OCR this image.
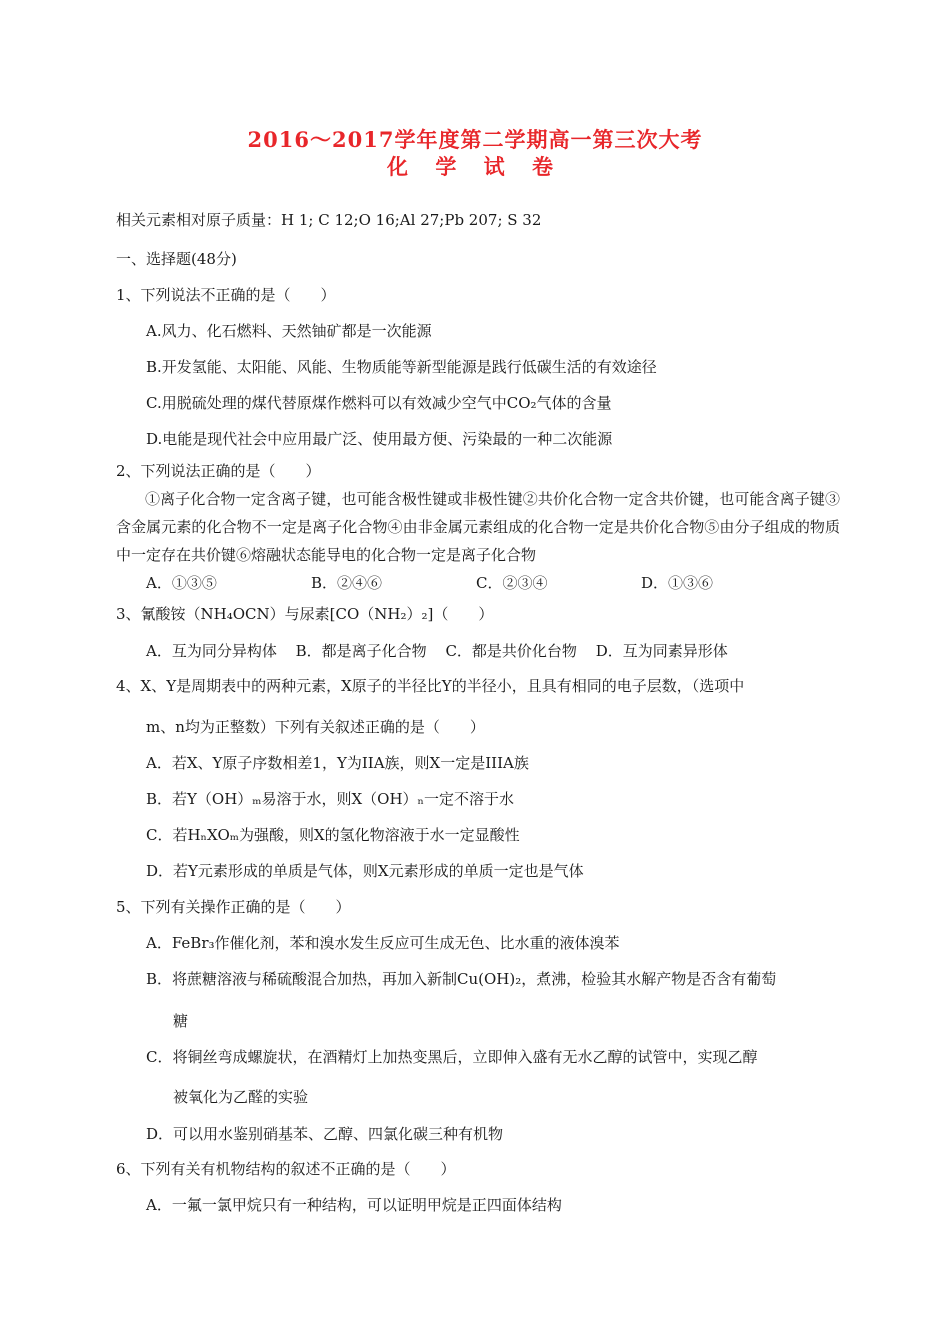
2016～2017学年度第二学期高一第三次大考
化 学 试 卷
相关元素相对原子质量：H 1; C 12;O 16;Al 27;Pb 207; S 32
一、选择题(48分)
1、下列说法不正确的是（　　）
A.风力、化石燃料、天然铀矿都是一次能源
B.开发氢能、太阳能、风能、生物质能等新型能源是践行低碳生活的有效途径
C.用脱硫处理的煤代替原煤作燃料可以有效减少空气中CO₂气体的含量
D.电能是现代社会中应用最广泛、使用最方便、污染最的一种二次能源
2、下列说法正确的是（　　）
①离子化合物一定含离子键，也可能含极性键或非极性键②共价化合物一定含共价键，也可能含离子键③含金属元素的化合物不一定是离子化合物④由非金属元素组成的化合物一定是共价化合物⑤由分子组成的物质中一定存在共价键⑥熔融状态能导电的化合物一定是离子化合物
A．①③⑤	B．②④⑥	C．②③④	D．①③⑥
3、氰酸铵（NH₄OCN）与尿素[CO（NH₂）₂]（　　）
A．互为同分异构体 B．都是离子化合物 C．都是共价化台物 D．互为同素异形体
4、X、Y是周期表中的两种元素，X原子的半径比Y的半径小，且具有相同的电子层数，（选项中
m、n均为正整数）下列有关叙述正确的是（　　）
A．若X、Y原子序数相差1，Y为IIA族，则X一定是IIIA族
B．若Y（OH）ₘ易溶于水，则X（OH）ₙ一定不溶于水
C．若HₙXOₘ为强酸，则X的氢化物溶液于水一定显酸性
D．若Y元素形成的单质是气体，则X元素形成的单质一定也是气体
5、下列有关操作正确的是（　　）
A．FeBr₃作催化剂，苯和溴水发生反应可生成无色、比水重的液体溴苯
B．将蔗糖溶液与稀硫酸混合加热，再加入新制Cu(OH)₂，煮沸，检验其水解产物是否含有葡萄
糖
C．将铜丝弯成螺旋状，在酒精灯上加热变黑后，立即伸入盛有无水乙醇的试管中，实现乙醇
被氧化为乙醛的实验
D．可以用水鉴别硝基苯、乙醇、四氯化碳三种有机物
6、下列有关有机物结构的叙述不正确的是（　　）
A．一氟一氯甲烷只有一种结构，可以证明甲烷是正四面体结构
